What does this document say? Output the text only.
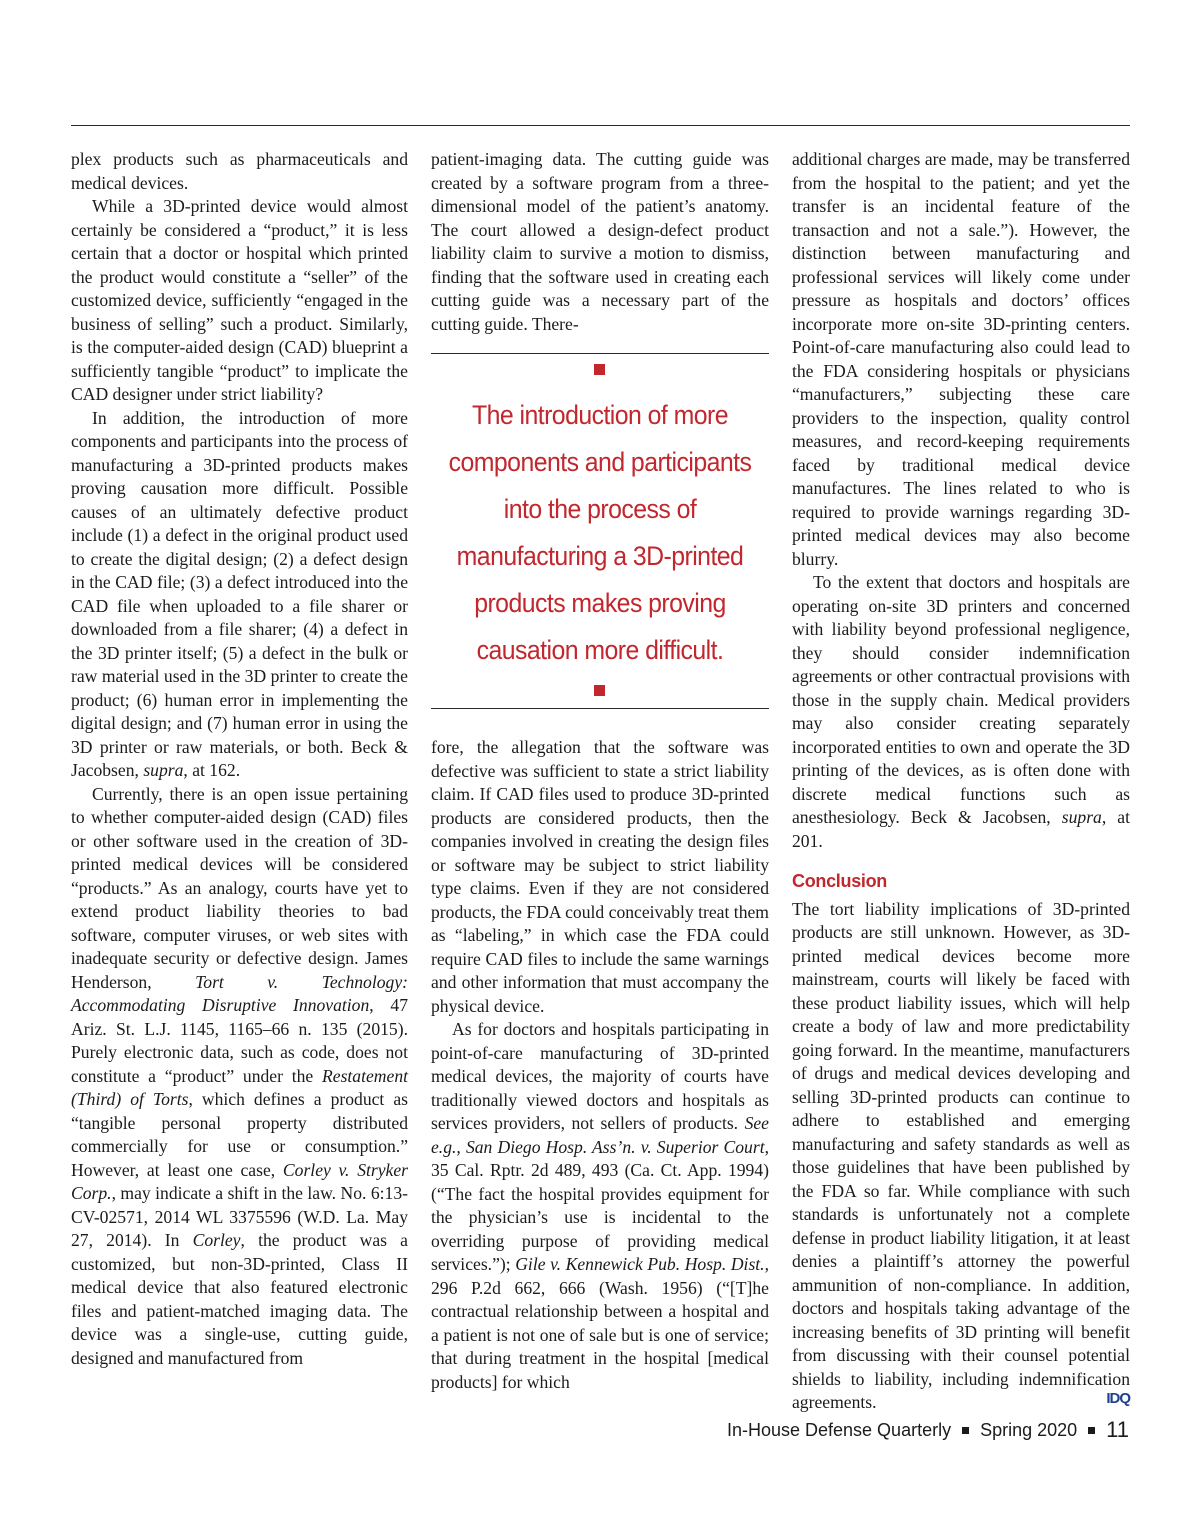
plex products such as pharmaceuticals and medical devices.

While a 3D-printed device would almost certainly be considered a “product,” it is less certain that a doctor or hospital which printed the product would constitute a “seller” of the customized device, sufficiently “engaged in the business of selling” such a product. Similarly, is the computer-aided design (CAD) blueprint a sufficiently tangible “product” to implicate the CAD designer under strict liability?

In addition, the introduction of more components and participants into the process of manufacturing a 3D-printed products makes proving causation more difficult. Possible causes of an ultimately defective product include (1) a defect in the original product used to create the digital design; (2) a defect design in the CAD file; (3) a defect introduced into the CAD file when uploaded to a file sharer or downloaded from a file sharer; (4) a defect in the 3D printer itself; (5) a defect in the bulk or raw material used in the 3D printer to create the product; (6) human error in implementing the digital design; and (7) human error in using the 3D printer or raw materials, or both. Beck & Jacobsen, supra, at 162.

Currently, there is an open issue pertaining to whether computer-aided design (CAD) files or other software used in the creation of 3D-printed medical devices will be considered “products.” As an analogy, courts have yet to extend product liability theories to bad software, computer viruses, or web sites with inadequate security or defective design. James Henderson, Tort v. Technology: Accommodating Disruptive Innovation, 47 Ariz. St. L.J. 1145, 1165–66 n. 135 (2015). Purely electronic data, such as code, does not constitute a “product” under the Restatement (Third) of Torts, which defines a product as “tangible personal property distributed commercially for use or consumption.” However, at least one case, Corley v. Stryker Corp., may indicate a shift in the law. No. 6:13-CV-02571, 2014 WL 3375596 (W.D. La. May 27, 2014). In Corley, the product was a customized, but non-3D-printed, Class II medical device that also featured electronic files and patient-matched imaging data. The device was a single-use, cutting guide, designed and manufactured from

patient-imaging data. The cutting guide was created by a software program from a three-dimensional model of the patient’s anatomy. The court allowed a design-defect product liability claim to survive a motion to dismiss, finding that the software used in creating each cutting guide was a necessary part of the cutting guide. There-

The introduction of more components and participants into the process of manufacturing a 3D-printed products makes proving causation more difficult.

fore, the allegation that the software was defective was sufficient to state a strict liability claim. If CAD files used to produce 3D-printed products are considered products, then the companies involved in creating the design files or software may be subject to strict liability type claims. Even if they are not considered products, the FDA could conceivably treat them as “labeling,” in which case the FDA could require CAD files to include the same warnings and other information that must accompany the physical device.

As for doctors and hospitals participating in point-of-care manufacturing of 3D-printed medical devices, the majority of courts have traditionally viewed doctors and hospitals as services providers, not sellers of products. See e.g., San Diego Hosp. Ass’n. v. Superior Court, 35 Cal. Rptr. 2d 489, 493 (Ca. Ct. App. 1994) (“The fact the hospital provides equipment for the physician’s use is incidental to the overriding purpose of providing medical services.”); Gile v. Kennewick Pub. Hosp. Dist., 296 P.2d 662, 666 (Wash. 1956) (“[T]he contractual relationship between a hospital and a patient is not one of sale but is one of service; that during treatment in the hospital [medical products] for which

additional charges are made, may be transferred from the hospital to the patient; and yet the transfer is an incidental feature of the transaction and not a sale.”). However, the distinction between manufacturing and professional services will likely come under pressure as hospitals and doctors’ offices incorporate more on-site 3D-printing centers. Point-of-care manufacturing also could lead to the FDA considering hospitals or physicians “manufacturers,” subjecting these care providers to the inspection, quality control measures, and record-keeping requirements faced by traditional medical device manufactures. The lines related to who is required to provide warnings regarding 3D-printed medical devices may also become blurry.

To the extent that doctors and hospitals are operating on-site 3D printers and concerned with liability beyond professional negligence, they should consider indemnification agreements or other contractual provisions with those in the supply chain. Medical providers may also consider creating separately incorporated entities to own and operate the 3D printing of the devices, as is often done with discrete medical functions such as anesthesiology. Beck & Jacobsen, supra, at 201.

Conclusion

The tort liability implications of 3D-printed products are still unknown. However, as 3D-printed medical devices become more mainstream, courts will likely be faced with these product liability issues, which will help create a body of law and more predictability going forward. In the meantime, manufacturers of drugs and medical devices developing and selling 3D-printed products can continue to adhere to established and emerging manufacturing and safety standards as well as those guidelines that have been published by the FDA so far. While compliance with such standards is unfortunately not a complete defense in product liability litigation, it at least denies a plaintiff’s attorney the powerful ammunition of non-compliance. In addition, doctors and hospitals taking advantage of the increasing benefits of 3D printing will benefit from discussing with their counsel potential shields to liability, including indemnification agreements.	IDQ

In-House Defense Quarterly Spring 2020 11
